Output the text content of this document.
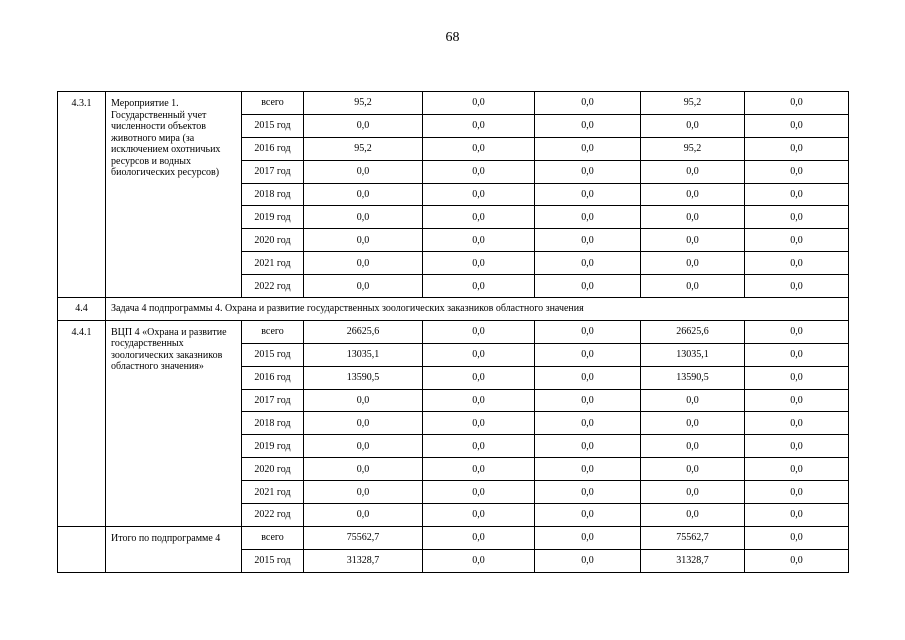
68
4.3.1	Мероприятие 1. Государственный учет численности объектов животного мира (за исключением охотничьих ресурсов и водных биологических ресурсов)	всего	95,2	0,0	0,0	95,2	0,0
		2015 год	0,0	0,0	0,0	0,0	0,0
		2016 год	95,2	0,0	0,0	95,2	0,0
		2017 год	0,0	0,0	0,0	0,0	0,0
		2018 год	0,0	0,0	0,0	0,0	0,0
		2019 год	0,0	0,0	0,0	0,0	0,0
		2020 год	0,0	0,0	0,0	0,0	0,0
		2021 год	0,0	0,0	0,0	0,0	0,0
		2022 год	0,0	0,0	0,0	0,0	0,0
4.4	Задача 4 подпрограммы 4. Охрана и развитие государственных зоологических заказников областного значения						
4.4.1	ВЦП 4 «Охрана и развитие государственных зоологических заказников областного значения»	всего	26625,6	0,0	0,0	26625,6	0,0
		2015 год	13035,1	0,0	0,0	13035,1	0,0
		2016 год	13590,5	0,0	0,0	13590,5	0,0
		2017 год	0,0	0,0	0,0	0,0	0,0
		2018 год	0,0	0,0	0,0	0,0	0,0
		2019 год	0,0	0,0	0,0	0,0	0,0
		2020 год	0,0	0,0	0,0	0,0	0,0
		2021 год	0,0	0,0	0,0	0,0	0,0
		2022 год	0,0	0,0	0,0	0,0	0,0
	Итого по подпрограмме 4	всего	75562,7	0,0	0,0	75562,7	0,0
		2015 год	31328,7	0,0	0,0	31328,7	0,0
